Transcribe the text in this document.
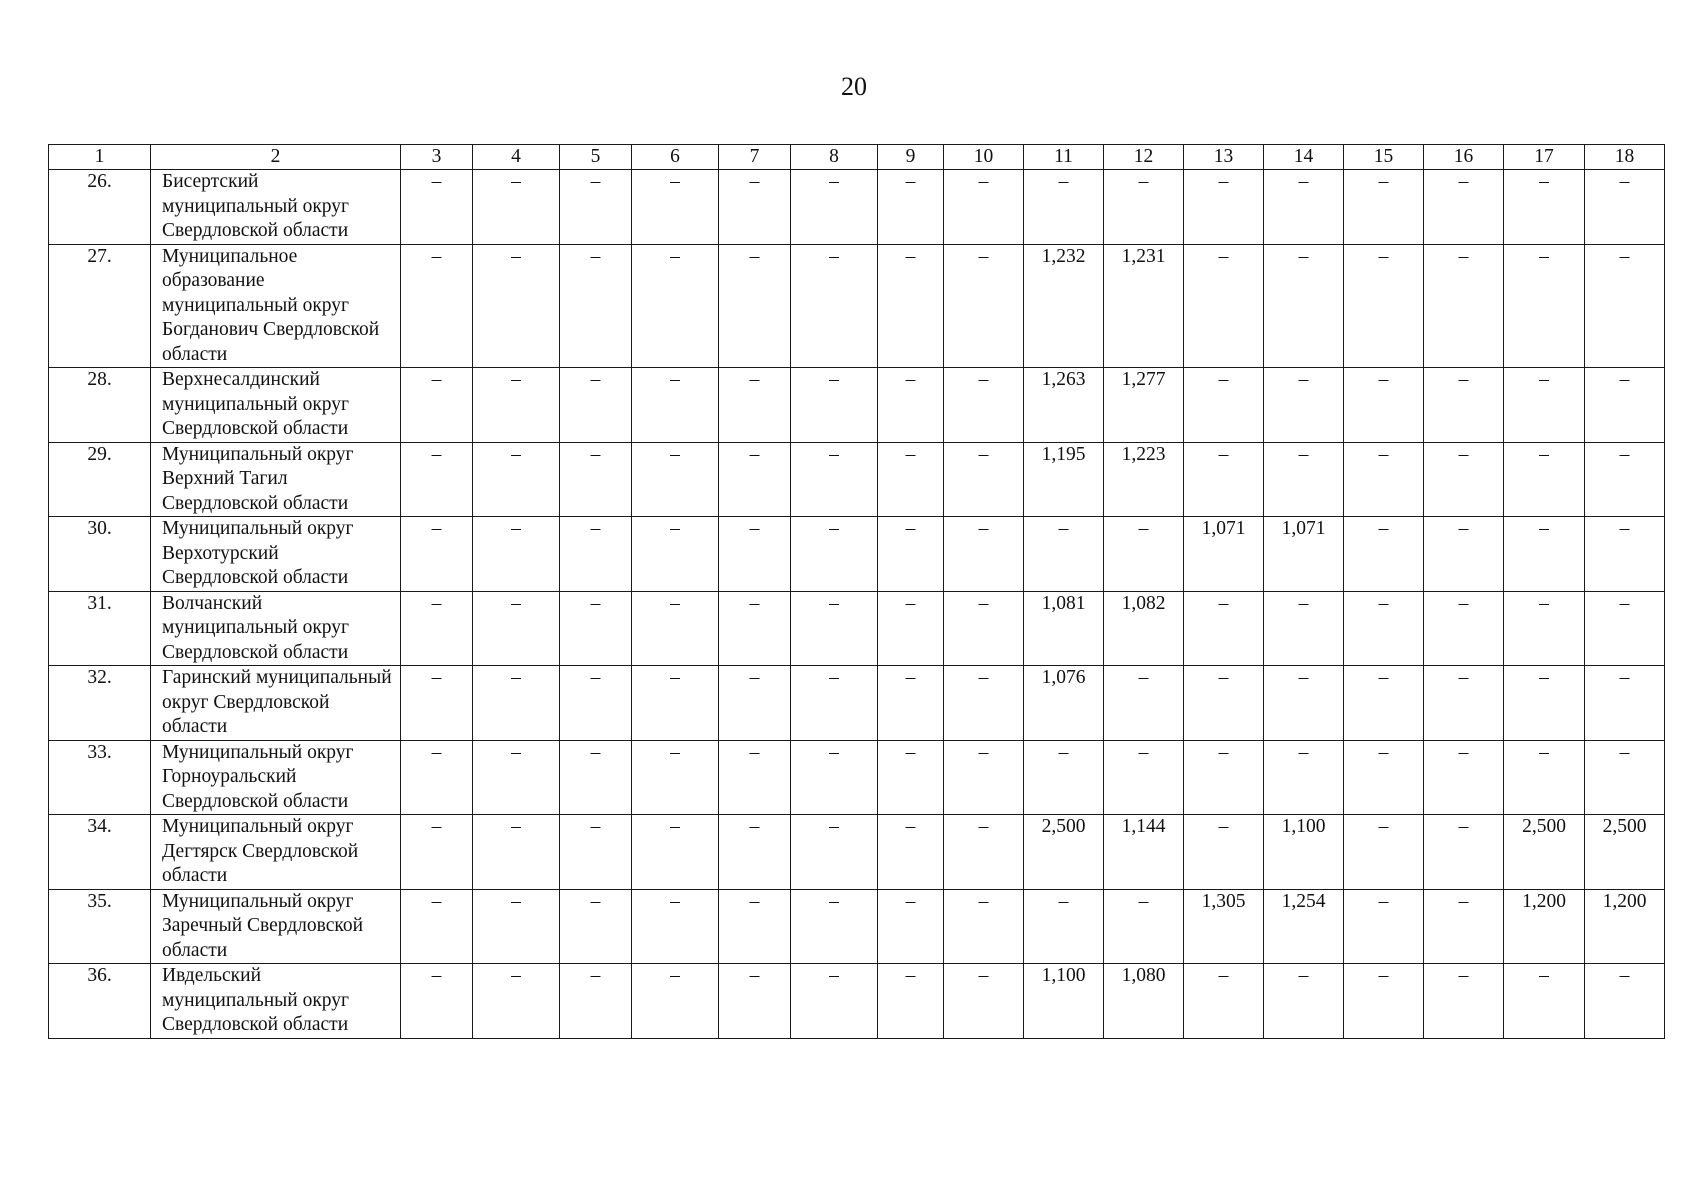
20
1	2	3	4	5	6	7	8	9	10	11	12	13	14	15	16	17	18
26.	Бисертский муниципальный округ Свердловской области	–	–	–	–	–	–	–	–	–	–	–	–	–	–	–	–
27.	Муниципальное образование муниципальный округ Богданович Свердловской области	–	–	–	–	–	–	–	–	1,232	1,231	–	–	–	–	–	–
28.	Верхнесалдинский муниципальный округ Свердловской области	–	–	–	–	–	–	–	–	1,263	1,277	–	–	–	–	–	–
29.	Муниципальный округ Верхний Тагил Свердловской области	–	–	–	–	–	–	–	–	1,195	1,223	–	–	–	–	–	–
30.	Муниципальный округ Верхотурский Свердловской области	–	–	–	–	–	–	–	–	–	–	1,071	1,071	–	–	–	–
31.	Волчанский муниципальный округ Свердловской области	–	–	–	–	–	–	–	–	1,081	1,082	–	–	–	–	–	–
32.	Гаринский муниципальный округ Свердловской области	–	–	–	–	–	–	–	–	1,076	–	–	–	–	–	–	–
33.	Муниципальный округ Горноуральский Свердловской области	–	–	–	–	–	–	–	–	–	–	–	–	–	–	–	–
34.	Муниципальный округ Дегтярск Свердловской области	–	–	–	–	–	–	–	–	2,500	1,144	–	1,100	–	–	2,500	2,500
35.	Муниципальный округ Заречный Свердловской области	–	–	–	–	–	–	–	–	–	–	1,305	1,254	–	–	1,200	1,200
36.	Ивдельский муниципальный округ Свердловской области	–	–	–	–	–	–	–	–	1,100	1,080	–	–	–	–	–	–
